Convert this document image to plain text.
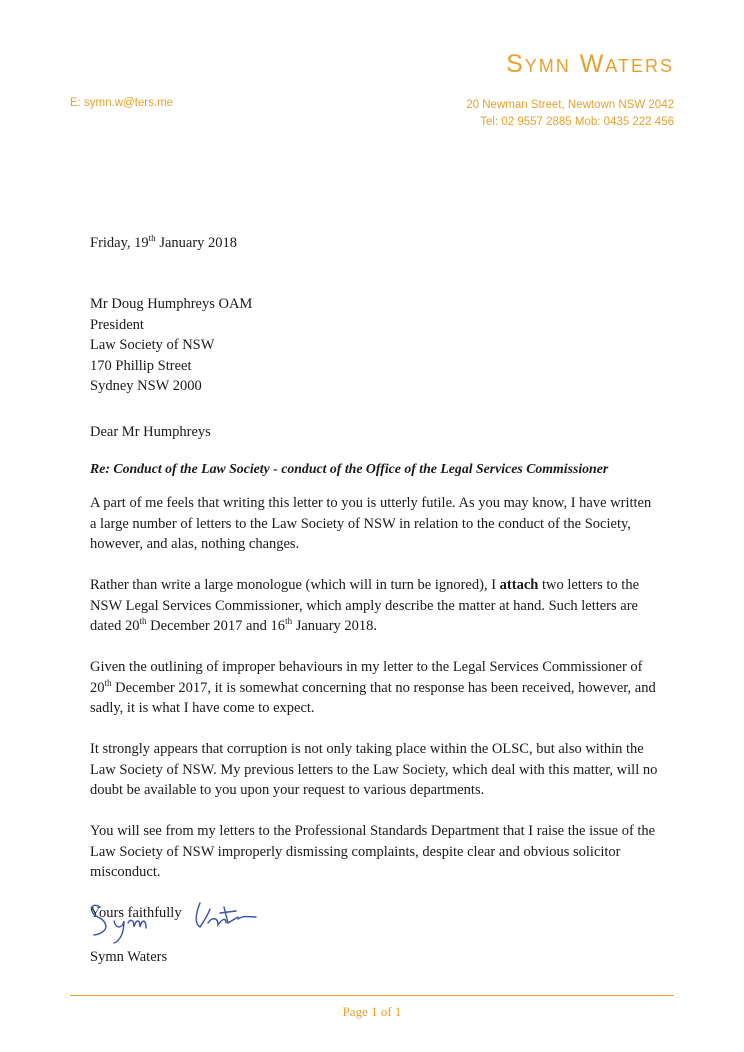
Symn Waters
E: symn.w@ters.me	20 Newman Street, Newtown NSW 2042
Tel: 02 9557 2885 Mob: 0435 222 456
Friday, 19th January 2018
Mr Doug Humphreys OAM
President
Law Society of NSW
170 Phillip Street
Sydney NSW 2000
Dear Mr Humphreys
Re: Conduct of the Law Society - conduct of the Office of the Legal Services Commissioner

A part of me feels that writing this letter to you is utterly futile. As you may know, I have written a large number of letters to the Law Society of NSW in relation to the conduct of the Society, however, and alas, nothing changes.

Rather than write a large monologue (which will in turn be ignored), I attach two letters to the NSW Legal Services Commissioner, which amply describe the matter at hand. Such letters are dated 20th December 2017 and 16th January 2018.

Given the outlining of improper behaviours in my letter to the Legal Services Commissioner of 20th December 2017, it is somewhat concerning that no response has been received, however, and sadly, it is what I have come to expect.

It strongly appears that corruption is not only taking place within the OLSC, but also within the Law Society of NSW. My previous letters to the Law Society, which deal with this matter, will no doubt be available to you upon your request to various departments.

You will see from my letters to the Professional Standards Department that I raise the issue of the Law Society of NSW improperly dismissing complaints, despite clear and obvious solicitor misconduct.

Yours faithfully

Symn Waters
Page 1 of 1
